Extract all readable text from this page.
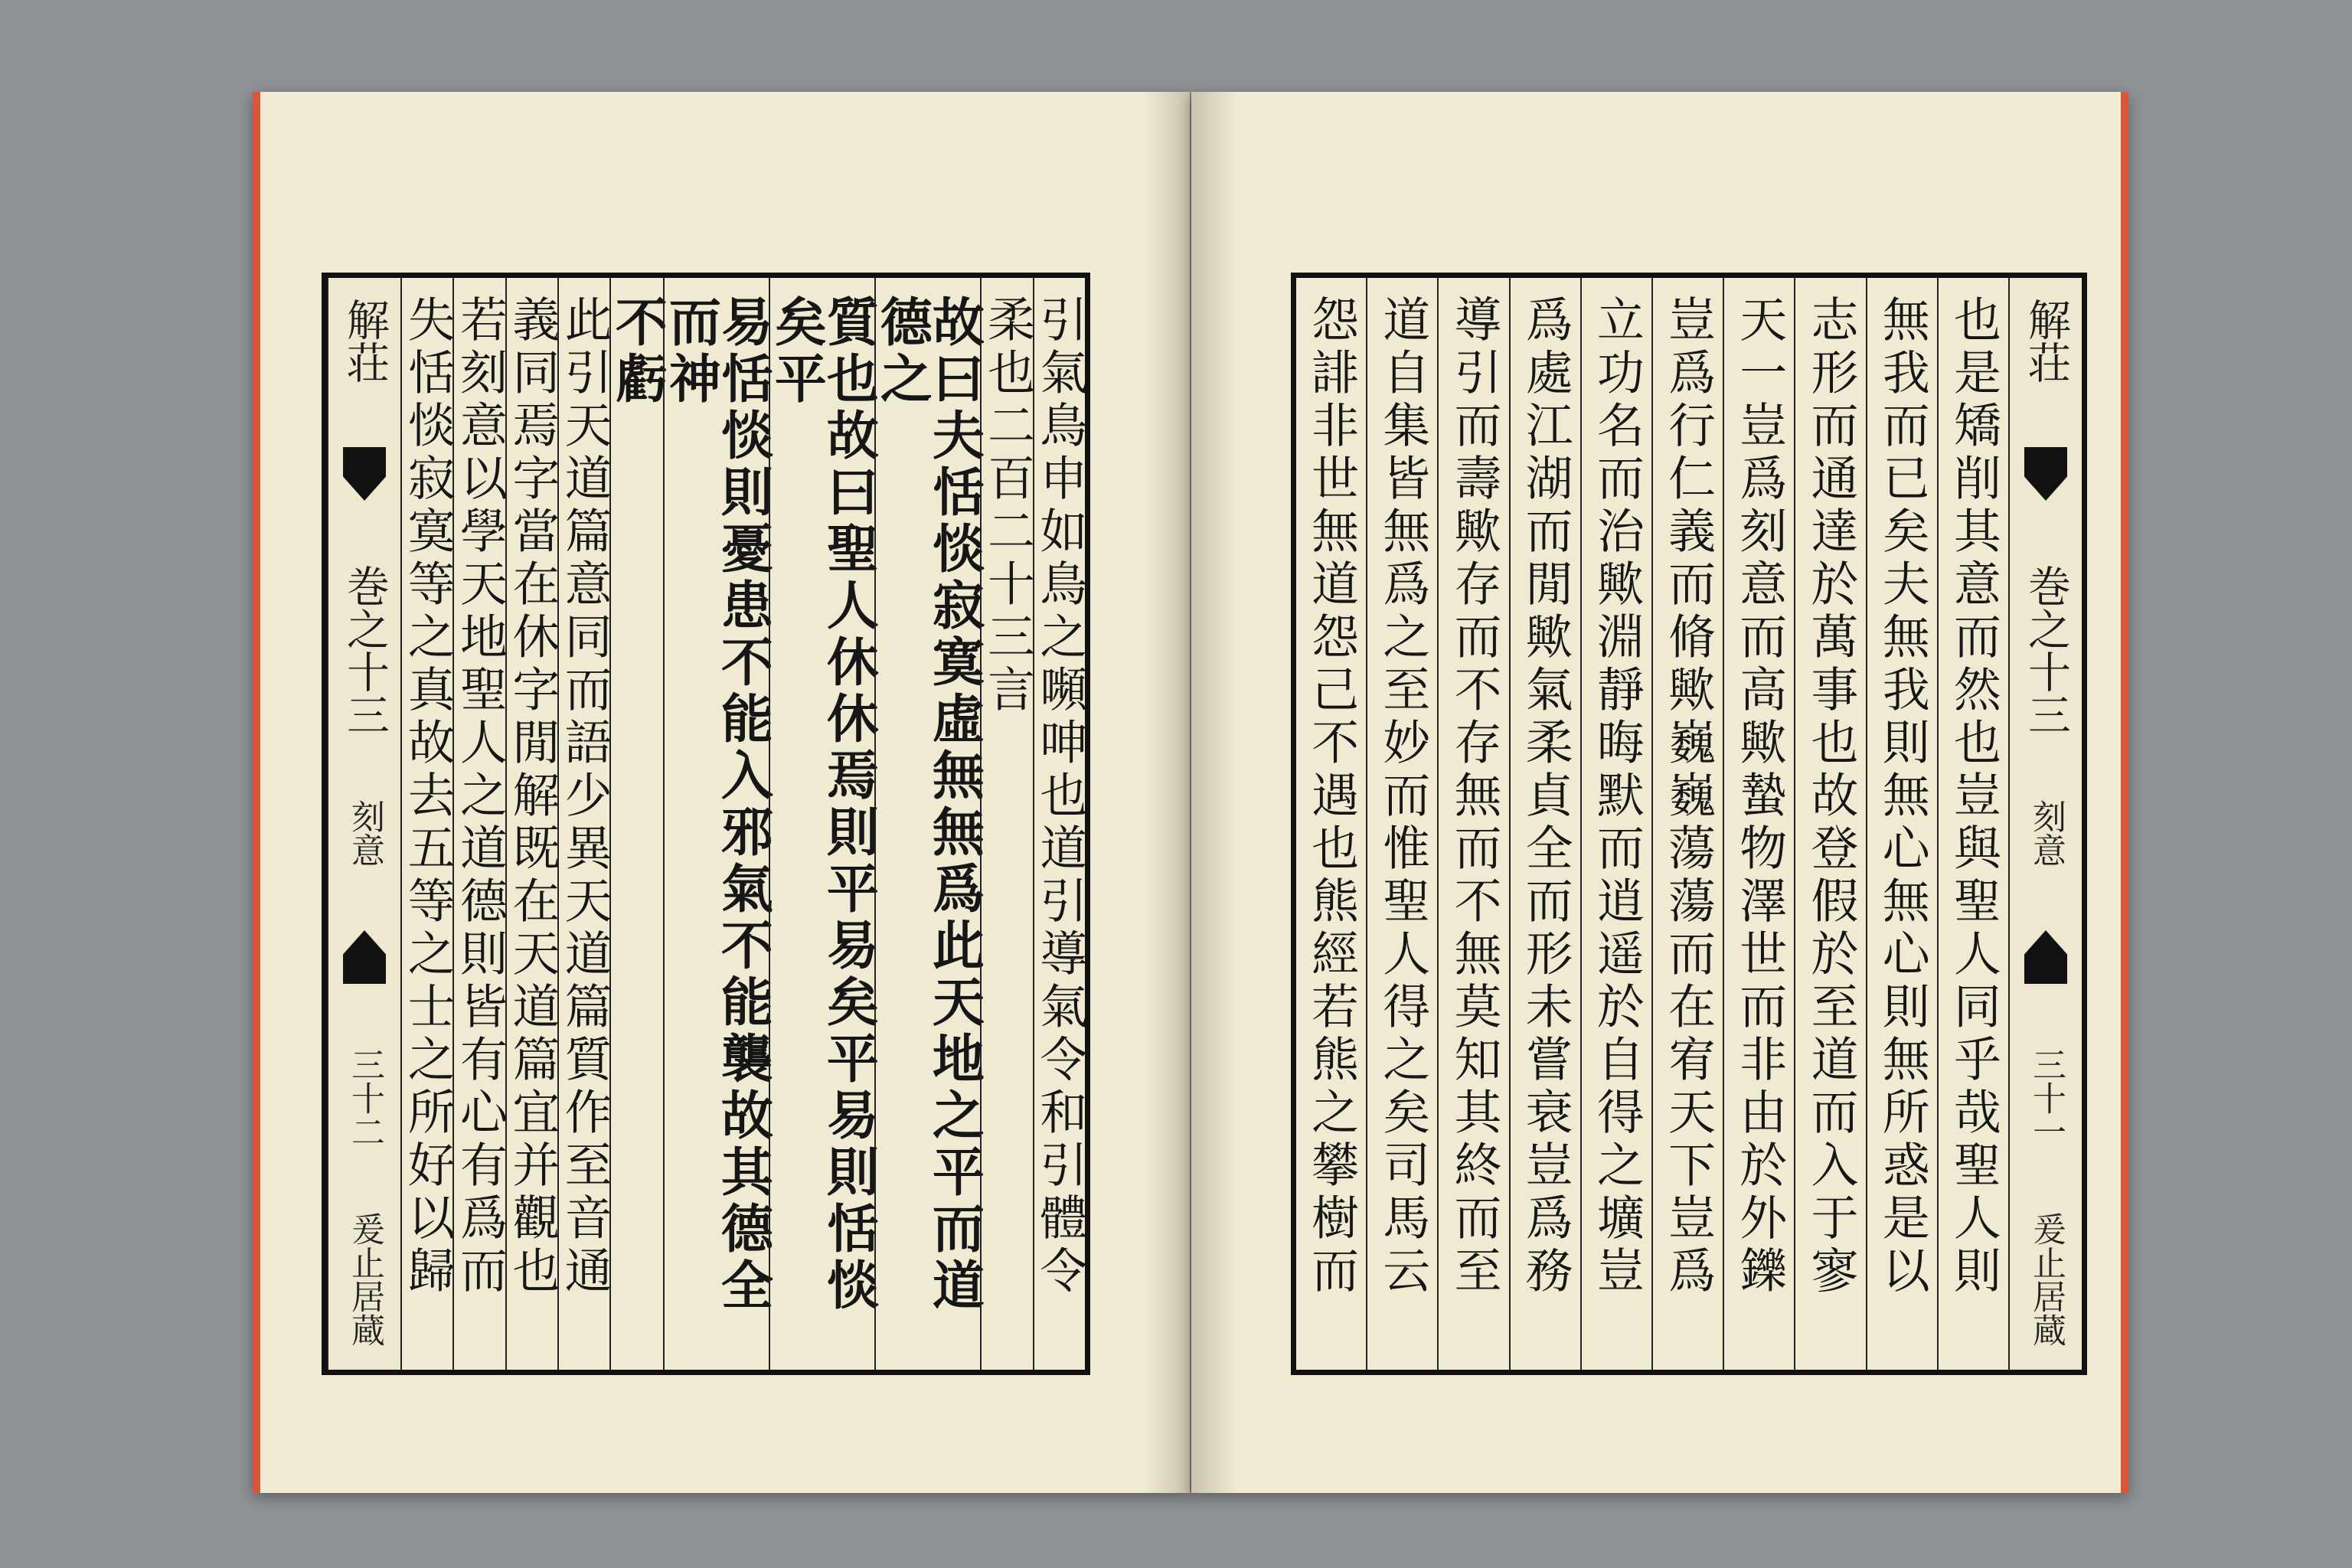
引氣鳥申如鳥之嚬呻也道引導氣令和引體令
柔也二百二十三言
故曰夫恬惔寂寞虛無無爲此天地之平而道德之
質也故曰聖人休休焉則平易矣平易則恬惔矣平
易恬惔則憂患不能入邪氣不能襲故其德全而神
不虧
此引天道篇意同而語少異天道篇質作至音通
義同焉字當在休字閒解既在天道篇宜并觀也
若刻意以學天地聖人之道德則皆有心有爲而
失恬惔寂寞等之真故去五等之士之所好以歸
解荘
巻之十三
刻意
三十二
爰止居蔵
解荘
巻之十三
刻意
三十一
爰止居蔵
也是矯削其意而然也豈與聖人同乎哉聖人則
無我而已矣夫無我則無心無心則無所惑是以
志形而通達於萬事也故登假於至道而入于寥
天一豈爲刻意而高歟蟄物澤世而非由於外鑠
豈爲行仁義而脩歟巍巍蕩蕩而在宥天下豈爲
立功名而治歟淵靜晦默而逍遥於自得之壙豈
爲處江湖而閒歟氣柔貞全而形未嘗衰豈爲務
導引而壽歟存而不存無而不無莫知其終而至
道自集皆無爲之至妙而惟聖人得之矣司馬云
怨誹非世無道怨己不遇也熊經若熊之攀樹而
